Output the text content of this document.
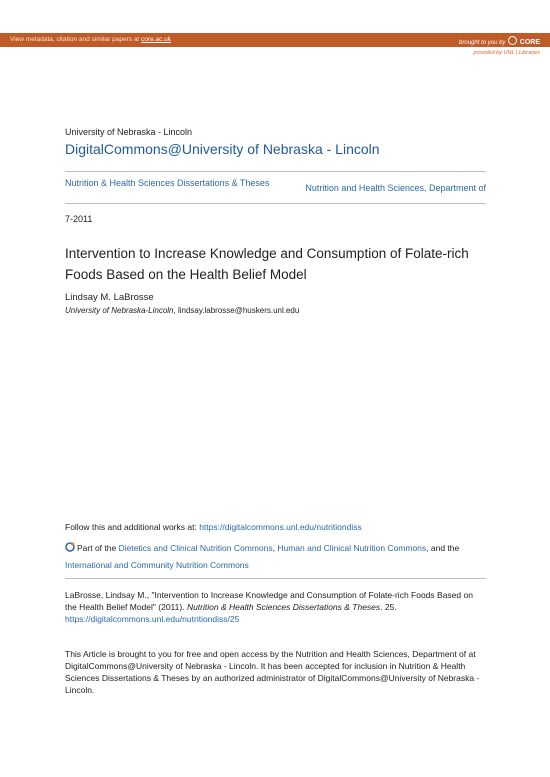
View metadata, citation and similar papers at core.ac.uk	brought to you by CORE
provided by UNL | Libraries
University of Nebraska - Lincoln
DigitalCommons@University of Nebraska - Lincoln
Nutrition & Health Sciences Dissertations & Theses	Nutrition and Health Sciences, Department of
7-2011
Intervention to Increase Knowledge and Consumption of Folate-rich Foods Based on the Health Belief Model
Lindsay M. LaBrosse
University of Nebraska-Lincoln, lindsay.labrosse@huskers.unl.edu
Follow this and additional works at: https://digitalcommons.unl.edu/nutritiondiss
Part of the Dietetics and Clinical Nutrition Commons, Human and Clinical Nutrition Commons, and the
International and Community Nutrition Commons
LaBrosse, Lindsay M., "Intervention to Increase Knowledge and Consumption of Folate-rich Foods Based on the Health Belief Model" (2011). Nutrition & Health Sciences Dissertations & Theses. 25.
https://digitalcommons.unl.edu/nutritiondiss/25
This Article is brought to you for free and open access by the Nutrition and Health Sciences, Department of at DigitalCommons@University of Nebraska - Lincoln. It has been accepted for inclusion in Nutrition & Health Sciences Dissertations & Theses by an authorized administrator of DigitalCommons@University of Nebraska - Lincoln.
